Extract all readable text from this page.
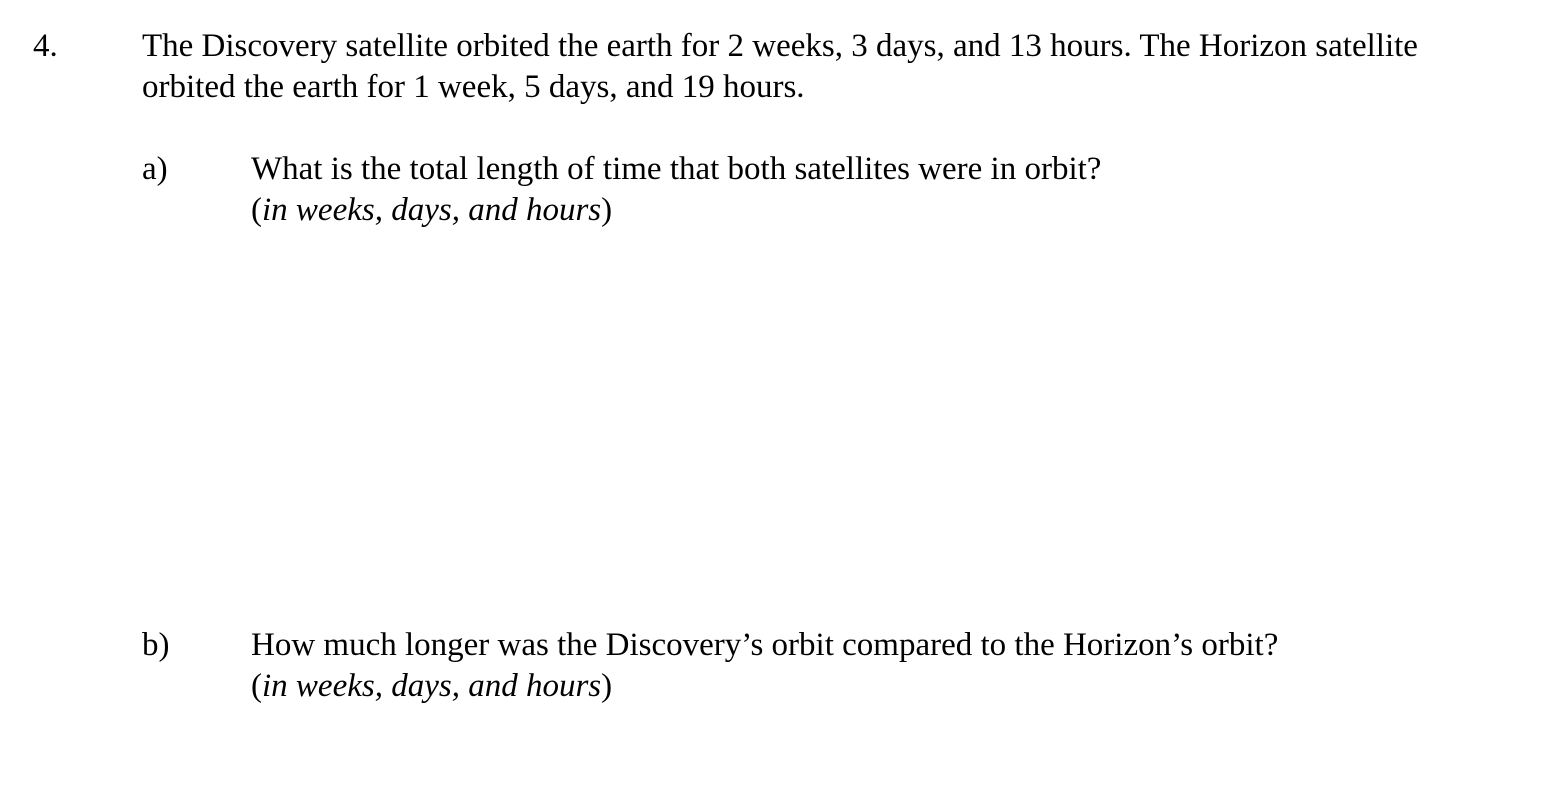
4.	The Discovery satellite orbited the earth for 2 weeks, 3 days, and 13 hours. The Horizon satellite
orbited the earth for 1 week, 5 days, and 19 hours.
a)	What is the total length of time that both satellites were in orbit?
(in weeks, days, and hours)
b) How much longer was the Discovery’s orbit compared to the Horizon’s orbit?
(in weeks, days, and hours)
